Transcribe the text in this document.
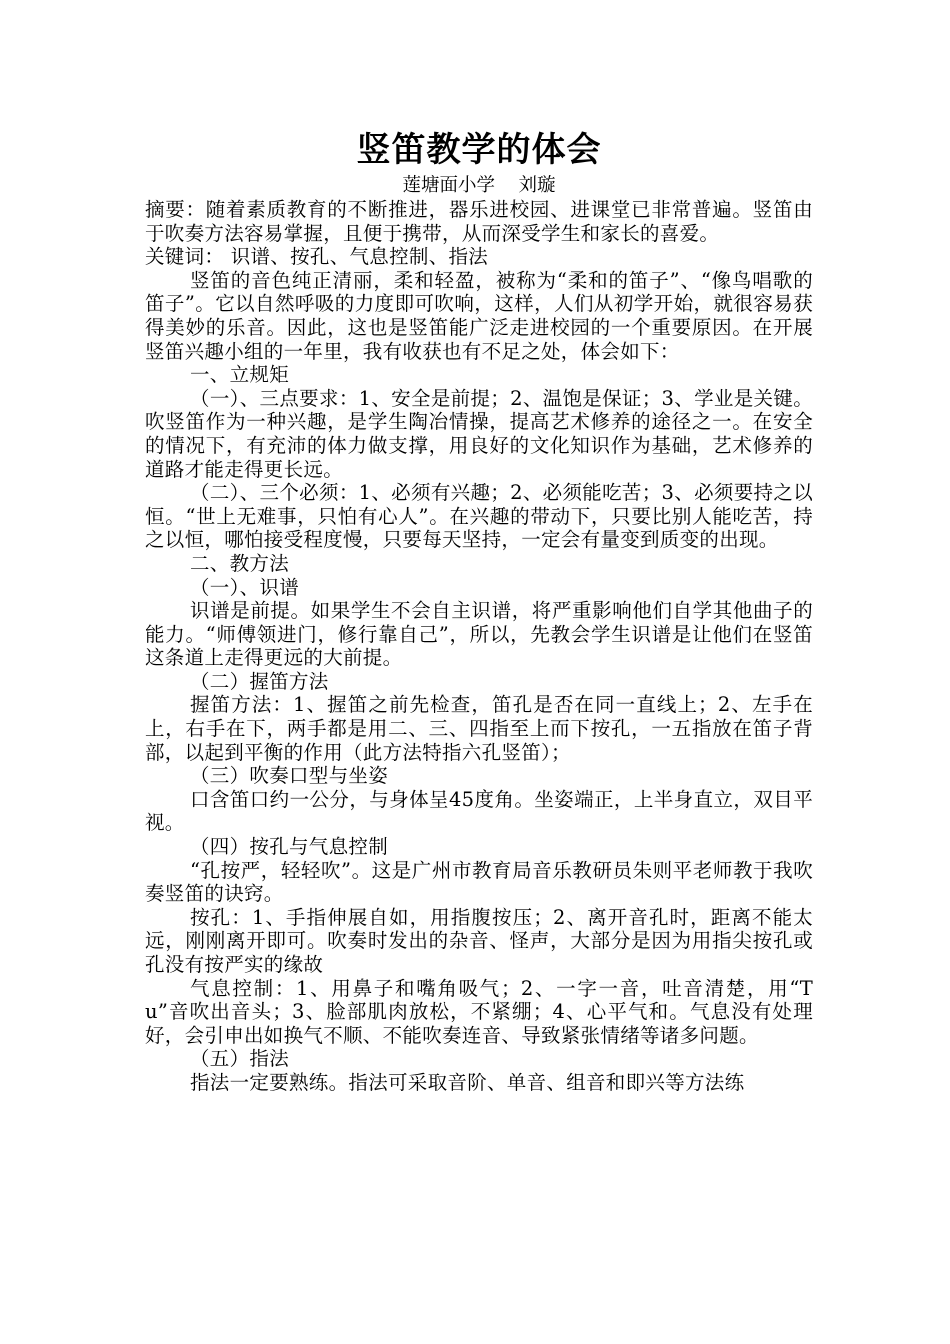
竖笛教学的体会
莲塘面小学    刘璇

摘要：随着素质教育的不断推进，器乐进校园、进课堂已非常普遍。竖笛由于吹奏方法容易掌握，且便于携带，从而深受学生和家长的喜爱。

关键词： 识谱、按孔、气息控制、指法

竖笛的音色纯正清丽，柔和轻盈，被称为“柔和的笛子”、“像鸟唱歌的笛子”。它以自然呼吸的力度即可吹响，这样，人们从初学开始，就很容易获得美妙的乐音。因此，这也是竖笛能广泛走进校园的一个重要原因。在开展竖笛兴趣小组的一年里，我有收获也有不足之处，体会如下：

一、立规矩

（一）、三点要求：1、安全是前提；2、温饱是保证；3、学业是关键。吹竖笛作为一种兴趣，是学生陶冶情操，提高艺术修养的途径之一。在安全的情况下，有充沛的体力做支撑，用良好的文化知识作为基础，艺术修养的道路才能走得更长远。

（二）、三个必须：1、必须有兴趣；2、必须能吃苦；3、必须要持之以恒。“世上无难事，只怕有心人”。在兴趣的带动下，只要比别人能吃苦，持之以恒，哪怕接受程度慢，只要每天坚持，一定会有量变到质变的出现。

二、教方法

（一）、识谱

识谱是前提。如果学生不会自主识谱，将严重影响他们自学其他曲子的能力。“师傅领进门，修行靠自己”，所以，先教会学生识谱是让他们在竖笛这条道上走得更远的大前提。

（二）握笛方法

握笛方法：1、握笛之前先检查，笛孔是否在同一直线上；2、左手在上，右手在下，两手都是用二、三、四指至上而下按孔，一五指放在笛子背部，以起到平衡的作用（此方法特指六孔竖笛）；

（三）吹奏口型与坐姿

口含笛口约一公分，与身体呈45度角。坐姿端正，上半身直立，双目平视。

（四）按孔与气息控制

“孔按严，轻轻吹”。这是广州市教育局音乐教研员朱则平老师教于我吹奏竖笛的诀窍。

按孔：1、手指伸展自如，用指腹按压；2、离开音孔时，距离不能太远，刚刚离开即可。吹奏时发出的杂音、怪声，大部分是因为用指尖按孔或孔没有按严实的缘故

气息控制：1、用鼻子和嘴角吸气；2、一字一音，吐音清楚，用“Tu”音吹出音头；3、脸部肌肉放松，不紧绷；4、心平气和。气息没有处理好，会引申出如换气不顺、不能吹奏连音、导致紧张情绪等诸多问题。

（五）指法

指法一定要熟练。指法可采取音阶、单音、组音和即兴等方法练
